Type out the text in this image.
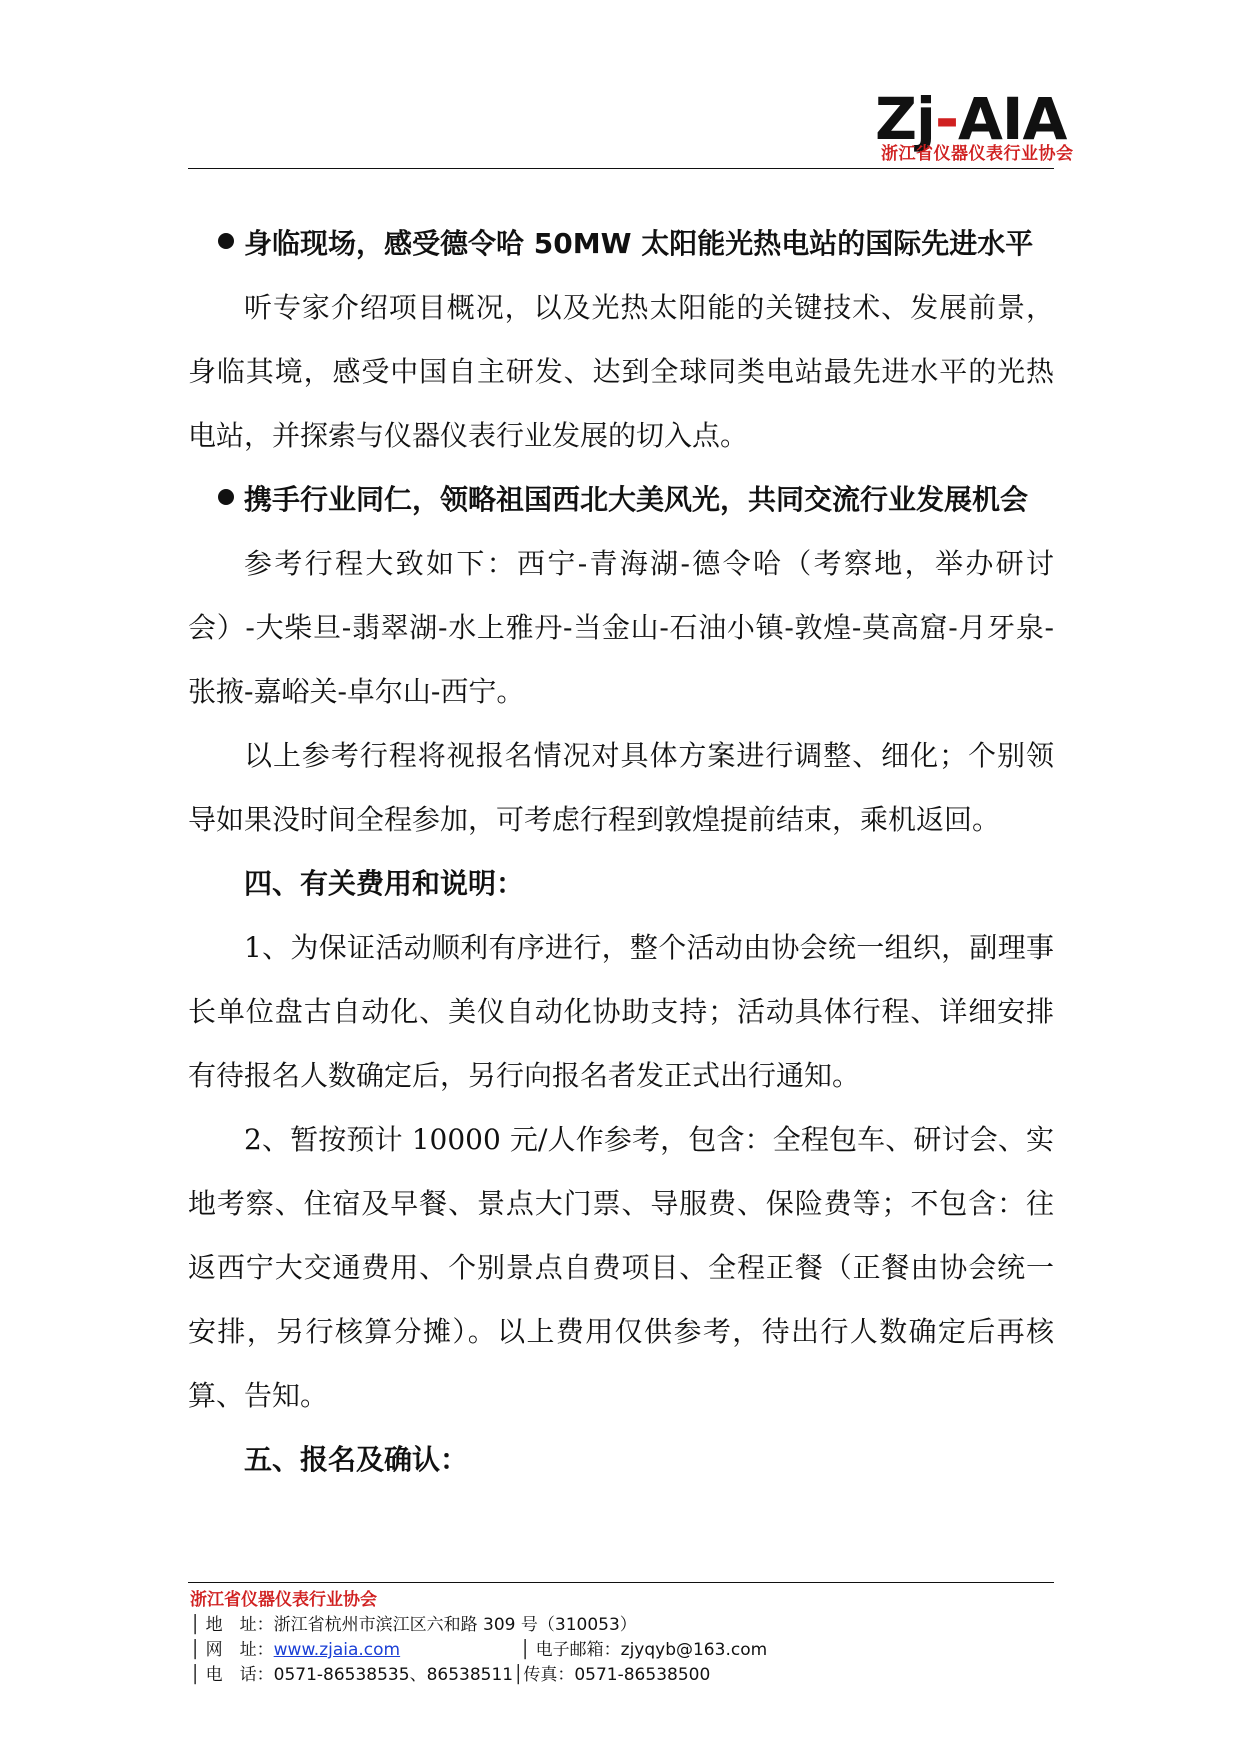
Zj-AIA
浙江省仪器仪表行业协会

身临现场，感受德令哈 50MW 太阳能光热电站的国际先进水平

听专家介绍项目概况，以及光热太阳能的关键技术、发展前景，身临其境，感受中国自主研发、达到全球同类电站最先进水平的光热电站，并探索与仪器仪表行业发展的切入点。

携手行业同仁，领略祖国西北大美风光，共同交流行业发展机会

参考行程大致如下：西宁-青海湖-德令哈（考察地，举办研讨会）-大柴旦-翡翠湖-水上雅丹-当金山-石油小镇-敦煌-莫高窟-月牙泉-张掖-嘉峪关-卓尔山-西宁。

以上参考行程将视报名情况对具体方案进行调整、细化；个别领导如果没时间全程参加，可考虑行程到敦煌提前结束，乘机返回。

四、有关费用和说明：

1、为保证活动顺利有序进行，整个活动由协会统一组织，副理事长单位盘古自动化、美仪自动化协助支持；活动具体行程、详细安排有待报名人数确定后，另行向报名者发正式出行通知。

2、暂按预计 10000 元/人作参考，包含：全程包车、研讨会、实地考察、住宿及早餐、景点大门票、导服费、保险费等；不包含：往返西宁大交通费用、个别景点自费项目、全程正餐（正餐由协会统一安排，另行核算分摊）。以上费用仅供参考，待出行人数确定后再核算、告知。

五、报名及确认：

浙江省仪器仪表行业协会
│ 地　址：浙江省杭州市滨江区六和路 309 号（310053）
│ 网　址：www.zjaia.com	│ 电子邮箱：zjyqyb@163.com
│ 电　话：0571-86538535、86538511│传真：0571-86538500
